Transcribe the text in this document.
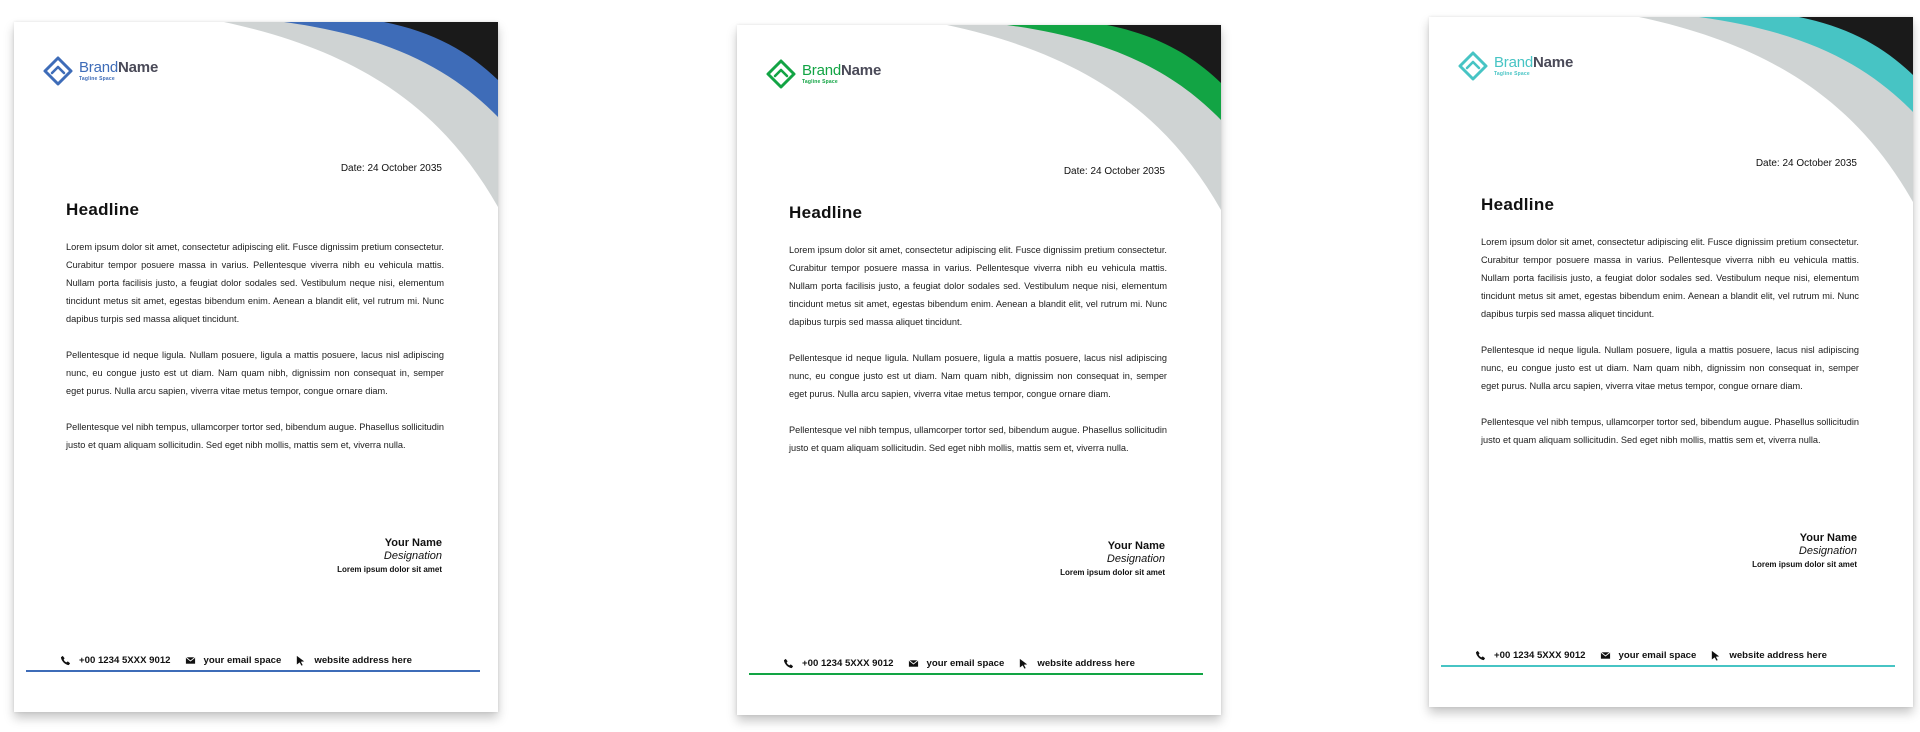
BrandName
Tagline Space
Date: 24 October 2035
Headline

Lorem ipsum dolor sit amet, consectetur adipiscing elit. Fusce dignissim pretium consectetur. Curabitur tempor posuere massa in varius. Pellentesque viverra nibh eu vehicula mattis. Nullam porta facilisis justo, a feugiat dolor sodales sed. Vestibulum neque nisi, elementum tincidunt metus sit amet, egestas bibendum enim. Aenean a blandit elit, vel rutrum mi. Nunc dapibus turpis sed massa aliquet tincidunt.

Pellentesque id neque ligula. Nullam posuere, ligula a mattis posuere, lacus nisl adipiscing nunc, eu congue justo est ut diam. Nam quam nibh, dignissim non consequat in, semper eget purus. Nulla arcu sapien, viverra vitae metus tempor, congue ornare diam.

Pellentesque vel nibh tempus, ullamcorper tortor sed, bibendum augue. Phasellus sollicitudin justo et quam aliquam sollicitudin. Sed eget nibh mollis, mattis sem et, viverra nulla.

Your Name
Designation
Lorem ipsum dolor sit amet
+00 1234 5XXX 9012	your email space	website address here
BrandName
Tagline Space
Date: 24 October 2035
Headline

Lorem ipsum dolor sit amet, consectetur adipiscing elit. Fusce dignissim pretium consectetur. Curabitur tempor posuere massa in varius. Pellentesque viverra nibh eu vehicula mattis. Nullam porta facilisis justo, a feugiat dolor sodales sed. Vestibulum neque nisi, elementum tincidunt metus sit amet, egestas bibendum enim. Aenean a blandit elit, vel rutrum mi. Nunc dapibus turpis sed massa aliquet tincidunt.

Pellentesque id neque ligula. Nullam posuere, ligula a mattis posuere, lacus nisl adipiscing nunc, eu congue justo est ut diam. Nam quam nibh, dignissim non consequat in, semper eget purus. Nulla arcu sapien, viverra vitae metus tempor, congue ornare diam.

Pellentesque vel nibh tempus, ullamcorper tortor sed, bibendum augue. Phasellus sollicitudin justo et quam aliquam sollicitudin. Sed eget nibh mollis, mattis sem et, viverra nulla.

Your Name
Designation
Lorem ipsum dolor sit amet
+00 1234 5XXX 9012	your email space	website address here
BrandName
Tagline Space
Date: 24 October 2035
Headline

Lorem ipsum dolor sit amet, consectetur adipiscing elit. Fusce dignissim pretium consectetur. Curabitur tempor posuere massa in varius. Pellentesque viverra nibh eu vehicula mattis. Nullam porta facilisis justo, a feugiat dolor sodales sed. Vestibulum neque nisi, elementum tincidunt metus sit amet, egestas bibendum enim. Aenean a blandit elit, vel rutrum mi. Nunc dapibus turpis sed massa aliquet tincidunt.

Pellentesque id neque ligula. Nullam posuere, ligula a mattis posuere, lacus nisl adipiscing nunc, eu congue justo est ut diam. Nam quam nibh, dignissim non consequat in, semper eget purus. Nulla arcu sapien, viverra vitae metus tempor, congue ornare diam.

Pellentesque vel nibh tempus, ullamcorper tortor sed, bibendum augue. Phasellus sollicitudin justo et quam aliquam sollicitudin. Sed eget nibh mollis, mattis sem et, viverra nulla.

Your Name
Designation
Lorem ipsum dolor sit amet
+00 1234 5XXX 9012	your email space	website address here
